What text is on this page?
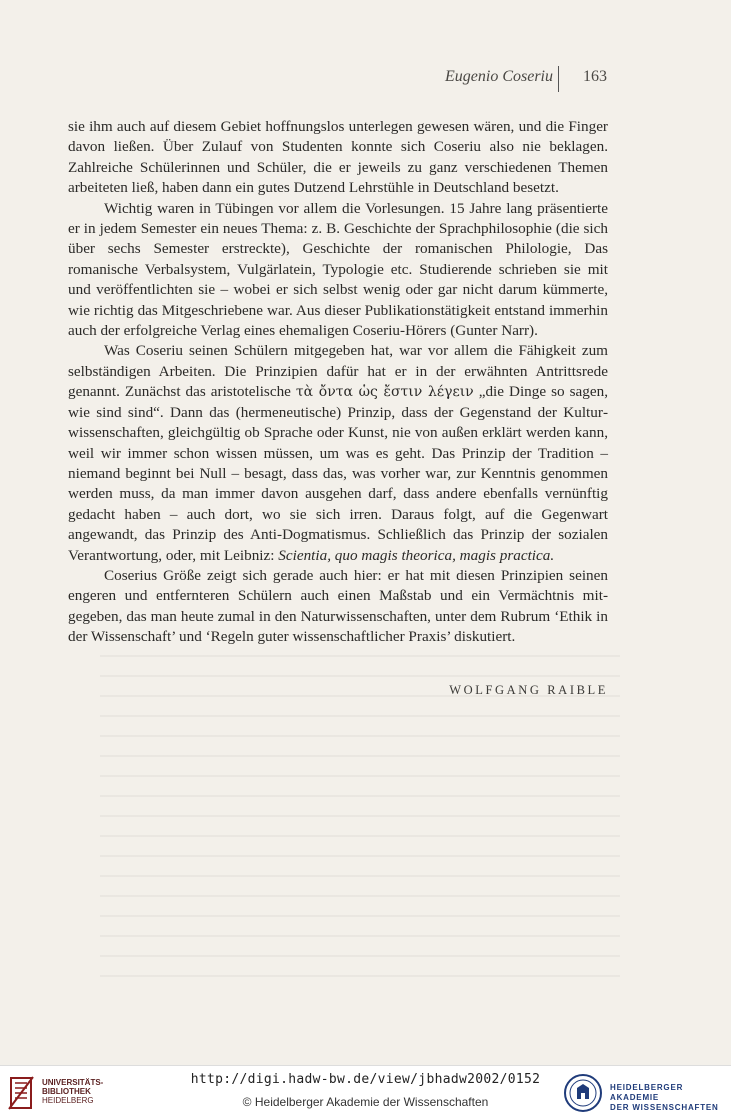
Eugenio Coseriu 163

sie ihm auch auf diesem Gebiet hoffnungslos unterlegen gewesen wären, und die Finger davon ließen. Über Zulauf von Studenten konnte sich Coseriu also nie beklagen. Zahlreiche Schülerinnen und Schüler, die er jeweils zu ganz verschiedenen Themen arbeiteten ließ, haben dann ein gutes Dutzend Lehrstühle in Deutschland besetzt.

Wichtig waren in Tübingen vor allem die Vorlesungen. 15 Jahre lang präsentierte er in jedem Semester ein neues Thema: z. B. Geschichte der Sprachphilosophie (die sich über sechs Semester erstreckte), Geschichte der romanischen Philologie, Das romanische Verbalsystem, Vulgärlatein, Typologie etc. Studierende schrieben sie mit und veröffentlichten sie – wobei er sich selbst wenig oder gar nicht darum kümmerte, wie richtig das Mitgeschriebene war. Aus dieser Publikationstätigkeit entstand immerhin auch der erfolgreiche Verlag eines ehemaligen Coseriu-Hörers (Gunter Narr).

Was Coseriu seinen Schülern mitgegeben hat, war vor allem die Fähigkeit zum selbständigen Arbeiten. Die Prinzipien dafür hat er in der erwähnten Antrittsrede genannt. Zunächst das aristotelische τὰ ὄντα ὡς ἔστιν λέγειν „die Dinge so sagen, wie sind sind“. Dann das (hermeneutische) Prinzip, dass der Gegenstand der Kulturwissenschaften, gleichgültig ob Sprache oder Kunst, nie von außen erklärt werden kann, weil wir immer schon wissen müssen, um was es geht. Das Prinzip der Tradition – niemand beginnt bei Null – besagt, dass das, was vorher war, zur Kenntnis genommen werden muss, da man immer davon ausgehen darf, dass andere ebenfalls vernünftig gedacht haben – auch dort, wo sie sich irren. Daraus folgt, auf die Gegenwart angewandt, das Prinzip des Anti-Dogmatismus. Schließlich das Prinzip der sozialen Verantwortung, oder, mit Leibniz: Scientia, quo magis theorica, magis practica.

Coserius Größe zeigt sich gerade auch hier: er hat mit diesen Prinzipien seinen engeren und entfernteren Schülern auch einen Maßstab und ein Vermächtnis mitgegeben, das man heute zumal in den Naturwissenschaften, unter dem Rubrum ‘Ethik in der Wissenschaft’ und ‘Regeln guter wissenschaftlicher Praxis’ diskutiert.

WOLFGANG RAIBLE
UNIVERSITÄTS-
BIBLIOTHEK
HEIDELBERG
http://digi.hadw-bw.de/view/jbhadw2002/0152
© Heidelberger Akademie der Wissenschaften
HEIDELBERGER AKADEMIE
DER WISSENSCHAFTEN
